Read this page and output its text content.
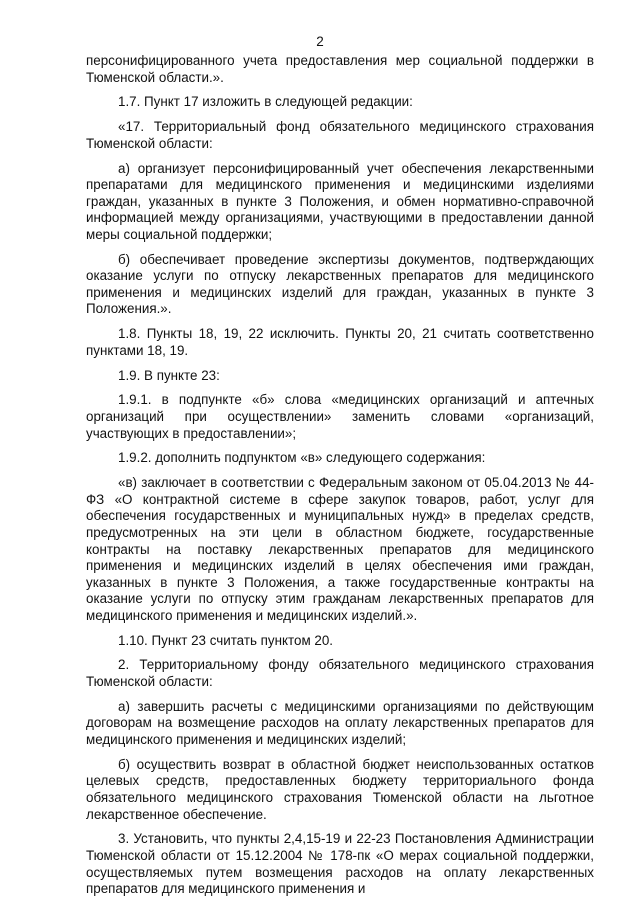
2

персонифицированного учета предоставления мер социальной поддержки в Тюменской области.».

1.7. Пункт 17 изложить в следующей редакции:

«17. Территориальный фонд обязательного медицинского страхования Тюменской области:

а) организует персонифицированный учет обеспечения лекарственными препаратами для медицинского применения и медицинскими изделиями граждан, указанных в пункте 3 Положения, и обмен нормативно-справочной информацией между организациями, участвующими в предоставлении данной меры социальной поддержки;

б) обеспечивает проведение экспертизы документов, подтверждающих оказание услуги по отпуску лекарственных препаратов для медицинского применения и медицинских изделий для граждан, указанных в пункте 3 Положения.».

1.8. Пункты 18, 19, 22 исключить. Пункты 20, 21 считать соответственно пунктами 18, 19.

1.9. В пункте 23:

1.9.1. в подпункте «б» слова «медицинских организаций и аптечных организаций при осуществлении» заменить словами «организаций, участвующих в предоставлении»;

1.9.2. дополнить подпунктом «в» следующего содержания:

«в) заключает в соответствии с Федеральным законом от 05.04.2013 № 44-ФЗ «О контрактной системе в сфере закупок товаров, работ, услуг для обеспечения государственных и муниципальных нужд» в пределах средств, предусмотренных на эти цели в областном бюджете, государственные контракты на поставку лекарственных препаратов для медицинского применения и медицинских изделий в целях обеспечения ими граждан, указанных в пункте 3 Положения, а также государственные контракты на оказание услуги по отпуску этим гражданам лекарственных препаратов для медицинского применения и медицинских изделий.».

1.10. Пункт 23 считать пунктом 20.

2. Территориальному фонду обязательного медицинского страхования Тюменской области:

а) завершить расчеты с медицинскими организациями по действующим договорам на возмещение расходов на оплату лекарственных препаратов для медицинского применения и медицинских изделий;

б) осуществить возврат в областной бюджет неиспользованных остатков целевых средств, предоставленных бюджету территориального фонда обязательного медицинского страхования Тюменской области на льготное лекарственное обеспечение.

3. Установить, что пункты 2,4,15-19 и 22-23 Постановления Администрации Тюменской области от 15.12.2004 № 178-пк «О мерах социальной поддержки, осуществляемых путем возмещения расходов на оплату лекарственных препаратов для медицинского применения и
